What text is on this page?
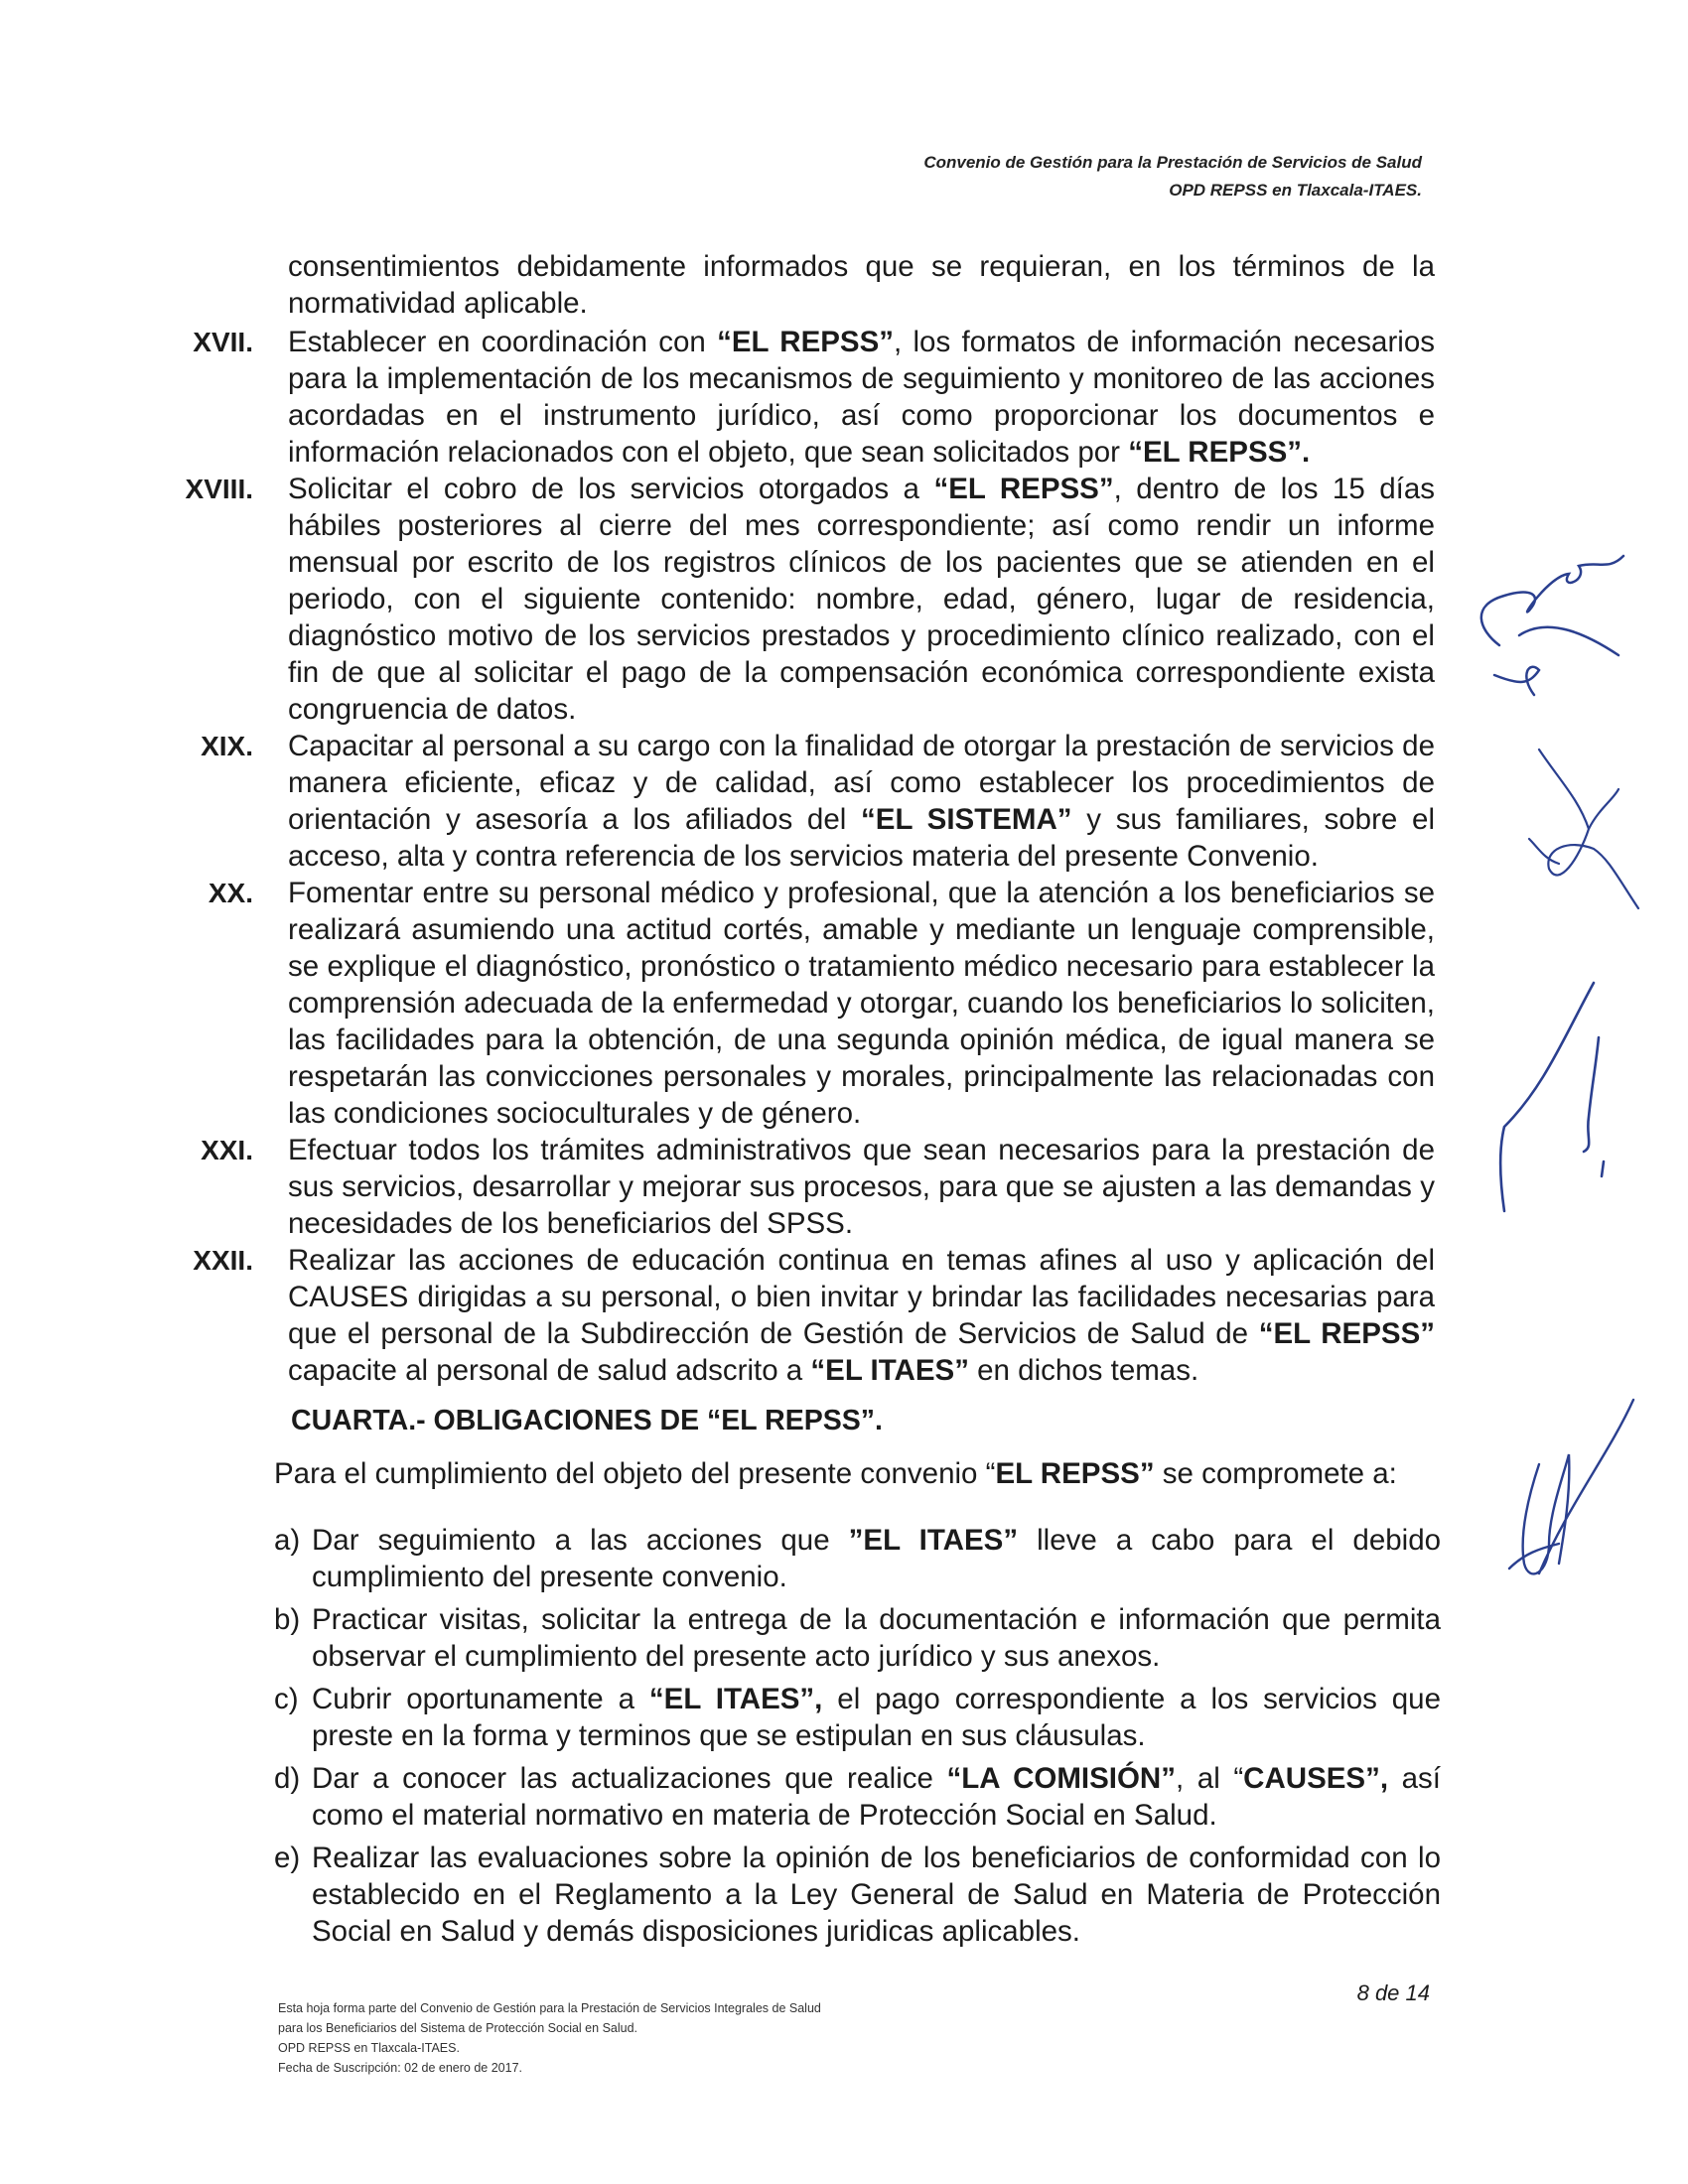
Convenio de Gestión para la Prestación de Servicios de Salud
OPD REPSS en Tlaxcala-ITAES.
consentimientos debidamente informados que se requieran, en los términos de la normatividad aplicable.
XVII. Establecer en coordinación con “EL REPSS”, los formatos de información necesarios para la implementación de los mecanismos de seguimiento y monitoreo de las acciones acordadas en el instrumento jurídico, así como proporcionar los documentos e información relacionados con el objeto, que sean solicitados por “EL REPSS”.
XVIII. Solicitar el cobro de los servicios otorgados a “EL REPSS”, dentro de los 15 días hábiles posteriores al cierre del mes correspondiente; así como rendir un informe mensual por escrito de los registros clínicos de los pacientes que se atienden en el periodo, con el siguiente contenido: nombre, edad, género, lugar de residencia, diagnóstico motivo de los servicios prestados y procedimiento clínico realizado, con el fin de que al solicitar el pago de la compensación económica correspondiente exista congruencia de datos.
XIX. Capacitar al personal a su cargo con la finalidad de otorgar la prestación de servicios de manera eficiente, eficaz y de calidad, así como establecer los procedimientos de orientación y asesoría a los afiliados del “EL SISTEMA” y sus familiares, sobre el acceso, alta y contra referencia de los servicios materia del presente Convenio.
XX. Fomentar entre su personal médico y profesional, que la atención a los beneficiarios se realizará asumiendo una actitud cortés, amable y mediante un lenguaje comprensible, se explique el diagnóstico, pronóstico o tratamiento médico necesario para establecer la comprensión adecuada de la enfermedad y otorgar, cuando los beneficiarios lo soliciten, las facilidades para la obtención, de una segunda opinión médica, de igual manera se respetarán las convicciones personales y morales, principalmente las relacionadas con las condiciones socioculturales y de género.
XXI. Efectuar todos los trámites administrativos que sean necesarios para la prestación de sus servicios, desarrollar y mejorar sus procesos, para que se ajusten a las demandas y necesidades de los beneficiarios del SPSS.
XXII. Realizar las acciones de educación continua en temas afines al uso y aplicación del CAUSES dirigidas a su personal, o bien invitar y brindar las facilidades necesarias para que el personal de la Subdirección de Gestión de Servicios de Salud de “EL REPSS” capacite al personal de salud adscrito a “EL ITAES” en dichos temas.
CUARTA.- OBLIGACIONES DE “EL REPSS”.
Para el cumplimiento del objeto del presente convenio “EL REPSS” se compromete a:
a) Dar seguimiento a las acciones que ”EL ITAES” lleve a cabo para el debido cumplimiento del presente convenio.
b) Practicar visitas, solicitar la entrega de la documentación e información que permita observar el cumplimiento del presente acto jurídico y sus anexos.
c) Cubrir oportunamente a “EL ITAES”, el pago correspondiente a los servicios que preste en la forma y terminos que se estipulan en sus cláusulas.
d) Dar a conocer las actualizaciones que realice “LA COMISIÓN”, al “CAUSES”, así como el material normativo en materia de Protección Social en Salud.
e) Realizar las evaluaciones sobre la opinión de los beneficiarios de conformidad con lo establecido en el Reglamento a la Ley General de Salud en Materia de Protección Social en Salud y demás disposiciones juridicas aplicables.
8 de 14
Esta hoja forma parte del Convenio de Gestión para la Prestación de Servicios Integrales de Salud
para los Beneficiarios del Sistema de Protección Social en Salud.
OPD REPSS en Tlaxcala-ITAES.
Fecha de Suscripción: 02 de enero de 2017.
